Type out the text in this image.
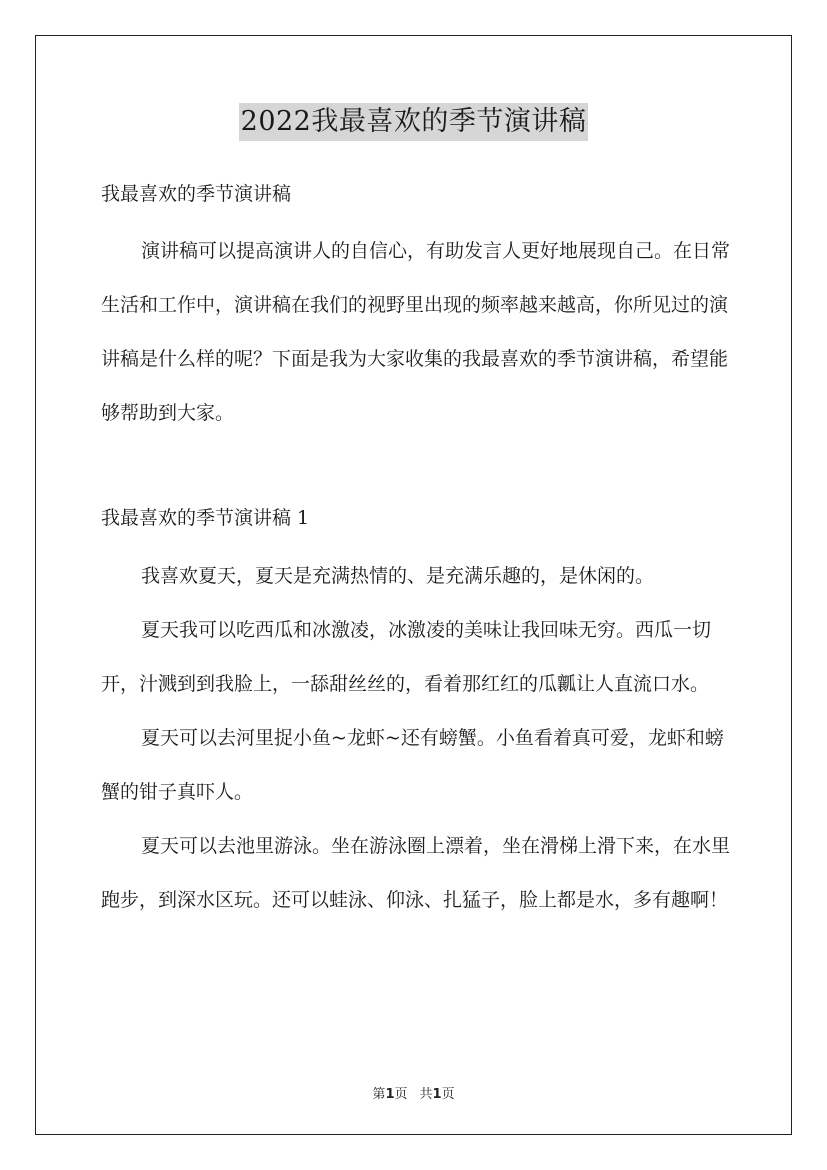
2022我最喜欢的季节演讲稿

我最喜欢的季节演讲稿

演讲稿可以提高演讲人的自信心，有助发言人更好地展现自己。在日常生活和工作中，演讲稿在我们的视野里出现的频率越来越高，你所见过的演讲稿是什么样的呢？下面是我为大家收集的我最喜欢的季节演讲稿，希望能够帮助到大家。

我最喜欢的季节演讲稿 1

我喜欢夏天，夏天是充满热情的、是充满乐趣的，是休闲的。

夏天我可以吃西瓜和冰激凌，冰激凌的美味让我回味无穷。西瓜一切开，汁溅到到我脸上，一舔甜丝丝的，看着那红红的瓜瓤让人直流口水。

夏天可以去河里捉小鱼~龙虾~还有螃蟹。小鱼看着真可爱，龙虾和螃蟹的钳子真吓人。

夏天可以去池里游泳。坐在游泳圈上漂着，坐在滑梯上滑下来，在水里跑步，到深水区玩。还可以蛙泳、仰泳、扎猛子，脸上都是水，多有趣啊！

第1页 共1页
